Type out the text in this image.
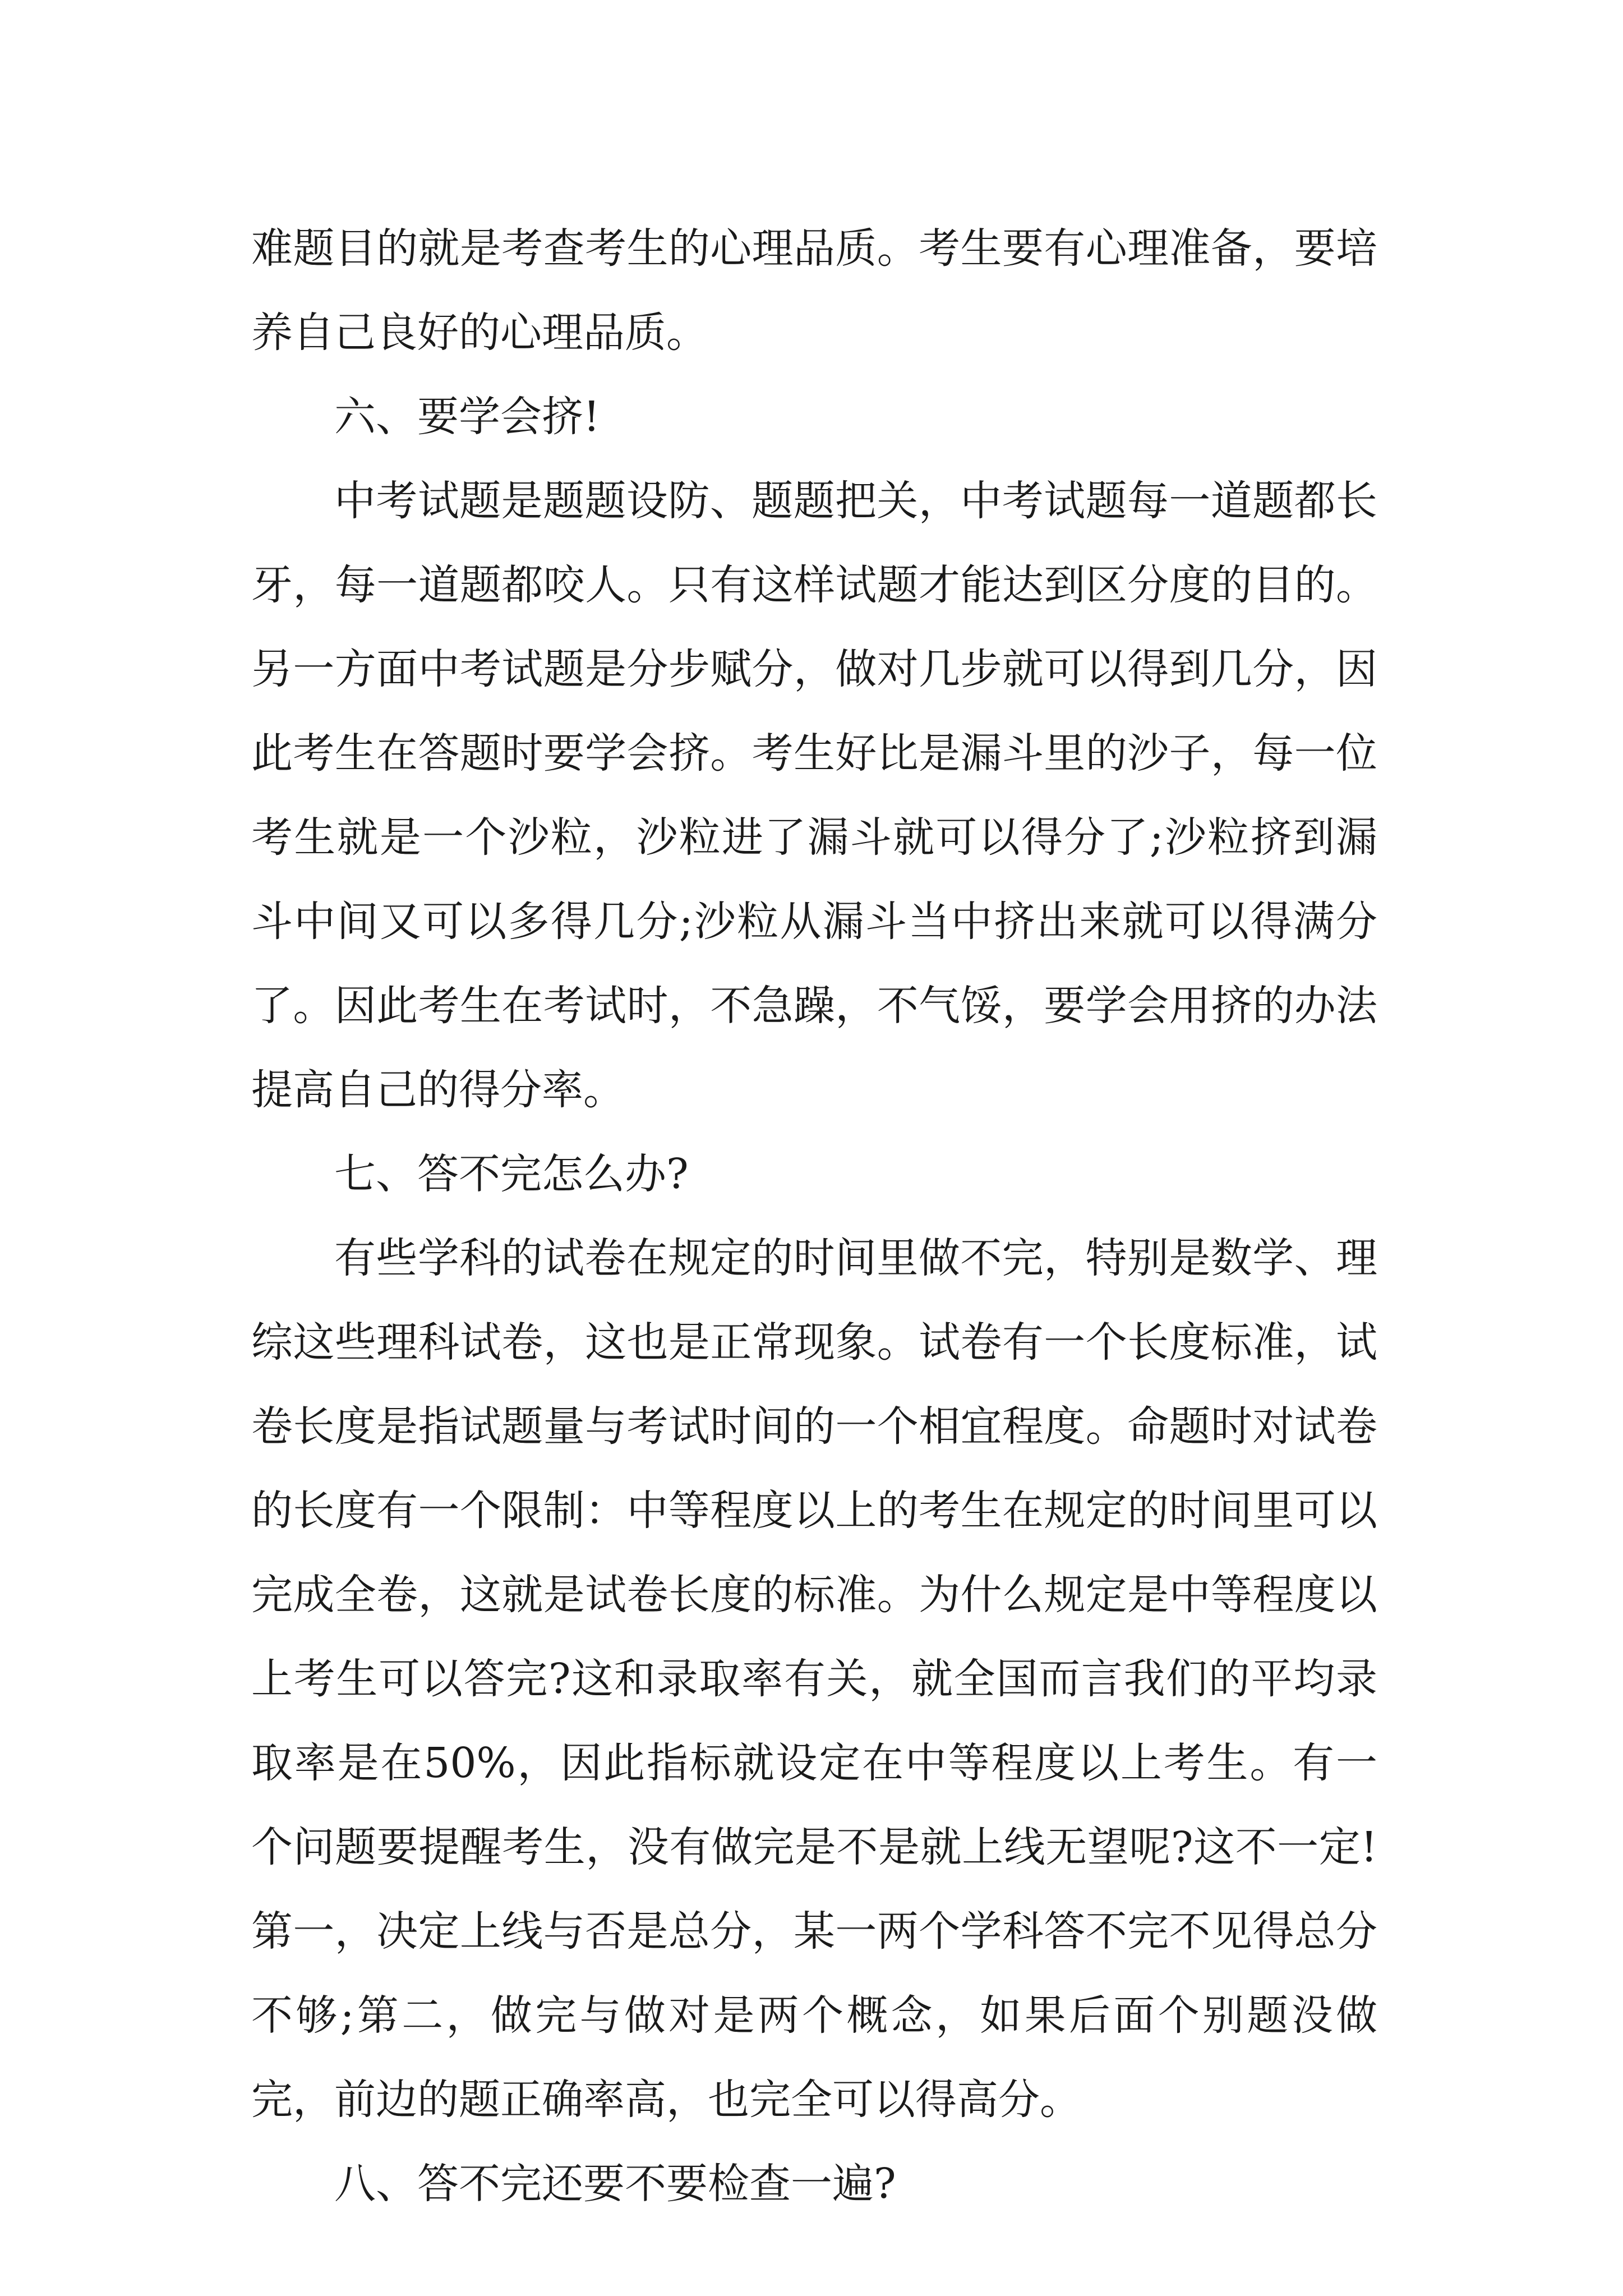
难题目的就是考查考生的心理品质。考生要有心理准备，要培养自己良好的心理品质。

六、要学会挤!

中考试题是题题设防、题题把关，中考试题每一道题都长牙，每一道题都咬人。只有这样试题才能达到区分度的目的。另一方面中考试题是分步赋分，做对几步就可以得到几分，因此考生在答题时要学会挤。考生好比是漏斗里的沙子，每一位考生就是一个沙粒，沙粒进了漏斗就可以得分了;沙粒挤到漏斗中间又可以多得几分;沙粒从漏斗当中挤出来就可以得满分了。因此考生在考试时，不急躁，不气馁，要学会用挤的办法提高自己的得分率。

七、答不完怎么办?

有些学科的试卷在规定的时间里做不完，特别是数学、理综这些理科试卷，这也是正常现象。试卷有一个长度标准，试卷长度是指试题量与考试时间的一个相宜程度。命题时对试卷的长度有一个限制：中等程度以上的考生在规定的时间里可以完成全卷，这就是试卷长度的标准。为什么规定是中等程度以上考生可以答完?这和录取率有关，就全国而言我们的平均录取率是在50%，因此指标就设定在中等程度以上考生。有一个问题要提醒考生，没有做完是不是就上线无望呢?这不一定!第一，决定上线与否是总分，某一两个学科答不完不见得总分不够;第二，做完与做对是两个概念，如果后面个别题没做完，前边的题正确率高，也完全可以得高分。

八、答不完还要不要检查一遍?
